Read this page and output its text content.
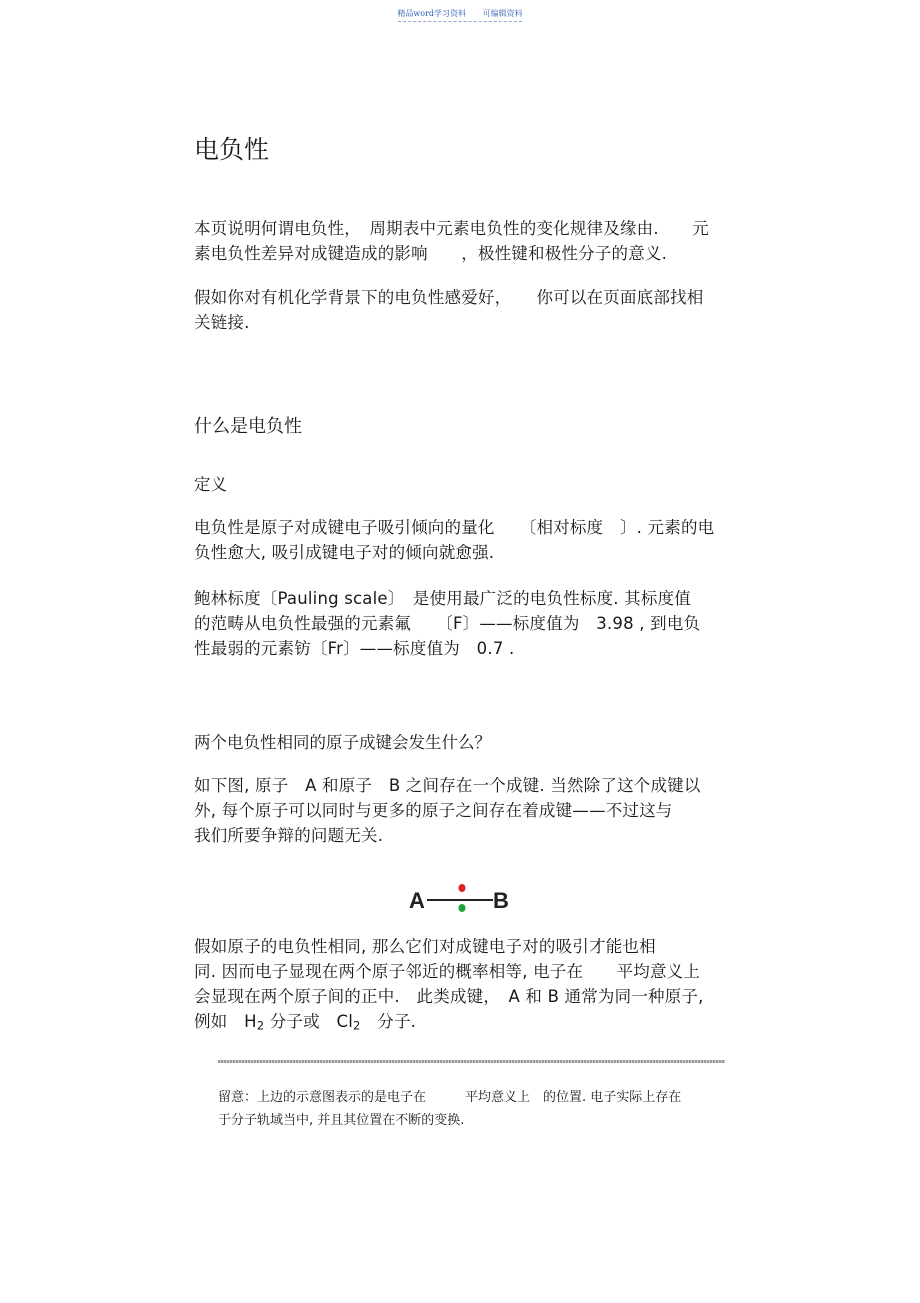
精品word学习资料 可编辑资料
电负性
本页说明何谓电负性，　周期表中元素电负性的变化规律及缘由.　　元
素电负性差异对成键造成的影响　　，极性键和极性分子的意义.
假如你对有机化学背景下的电负性感爱好，　　你可以在页面底部找相
关链接.
什么是电负性
定义
电负性是原子对成键电子吸引倾向的量化　　〔相对标度　〕. 元素的电
负性愈大, 吸引成键电子对的倾向就愈强.
鲍林标度〔Pauling scale〕　是使用最广泛的电负性标度. 其标度值
的范畴从电负性最强的元素氟　　〔F〕——标度值为　3.98 , 到电负
性最弱的元素钫〔Fr〕——标度值为　0.7 .
两个电负性相同的原子成键会发生什么？
如下图, 原子　A 和原子　B 之间存在一个成键. 当然除了这个成键以
外, 每个原子可以同时与更多的原子之间存在着成键——不过这与
我们所要争辩的问题无关.
A	B
假如原子的电负性相同, 那么它们对成键电子对的吸引才能也相
同. 因而电子显现在两个原子邻近的概率相等, 电子在　　平均意义上
会显现在两个原子间的正中.　此类成键，　A 和 B 通常为同一种原子,
例如　$H_2$ 分子或　$Cl_2$　分子.
留意：上边的示意图表示的是电子在　　　平均意义上　的位置. 电子实际上存在
于分子轨域当中, 并且其位置在不断的变换.
